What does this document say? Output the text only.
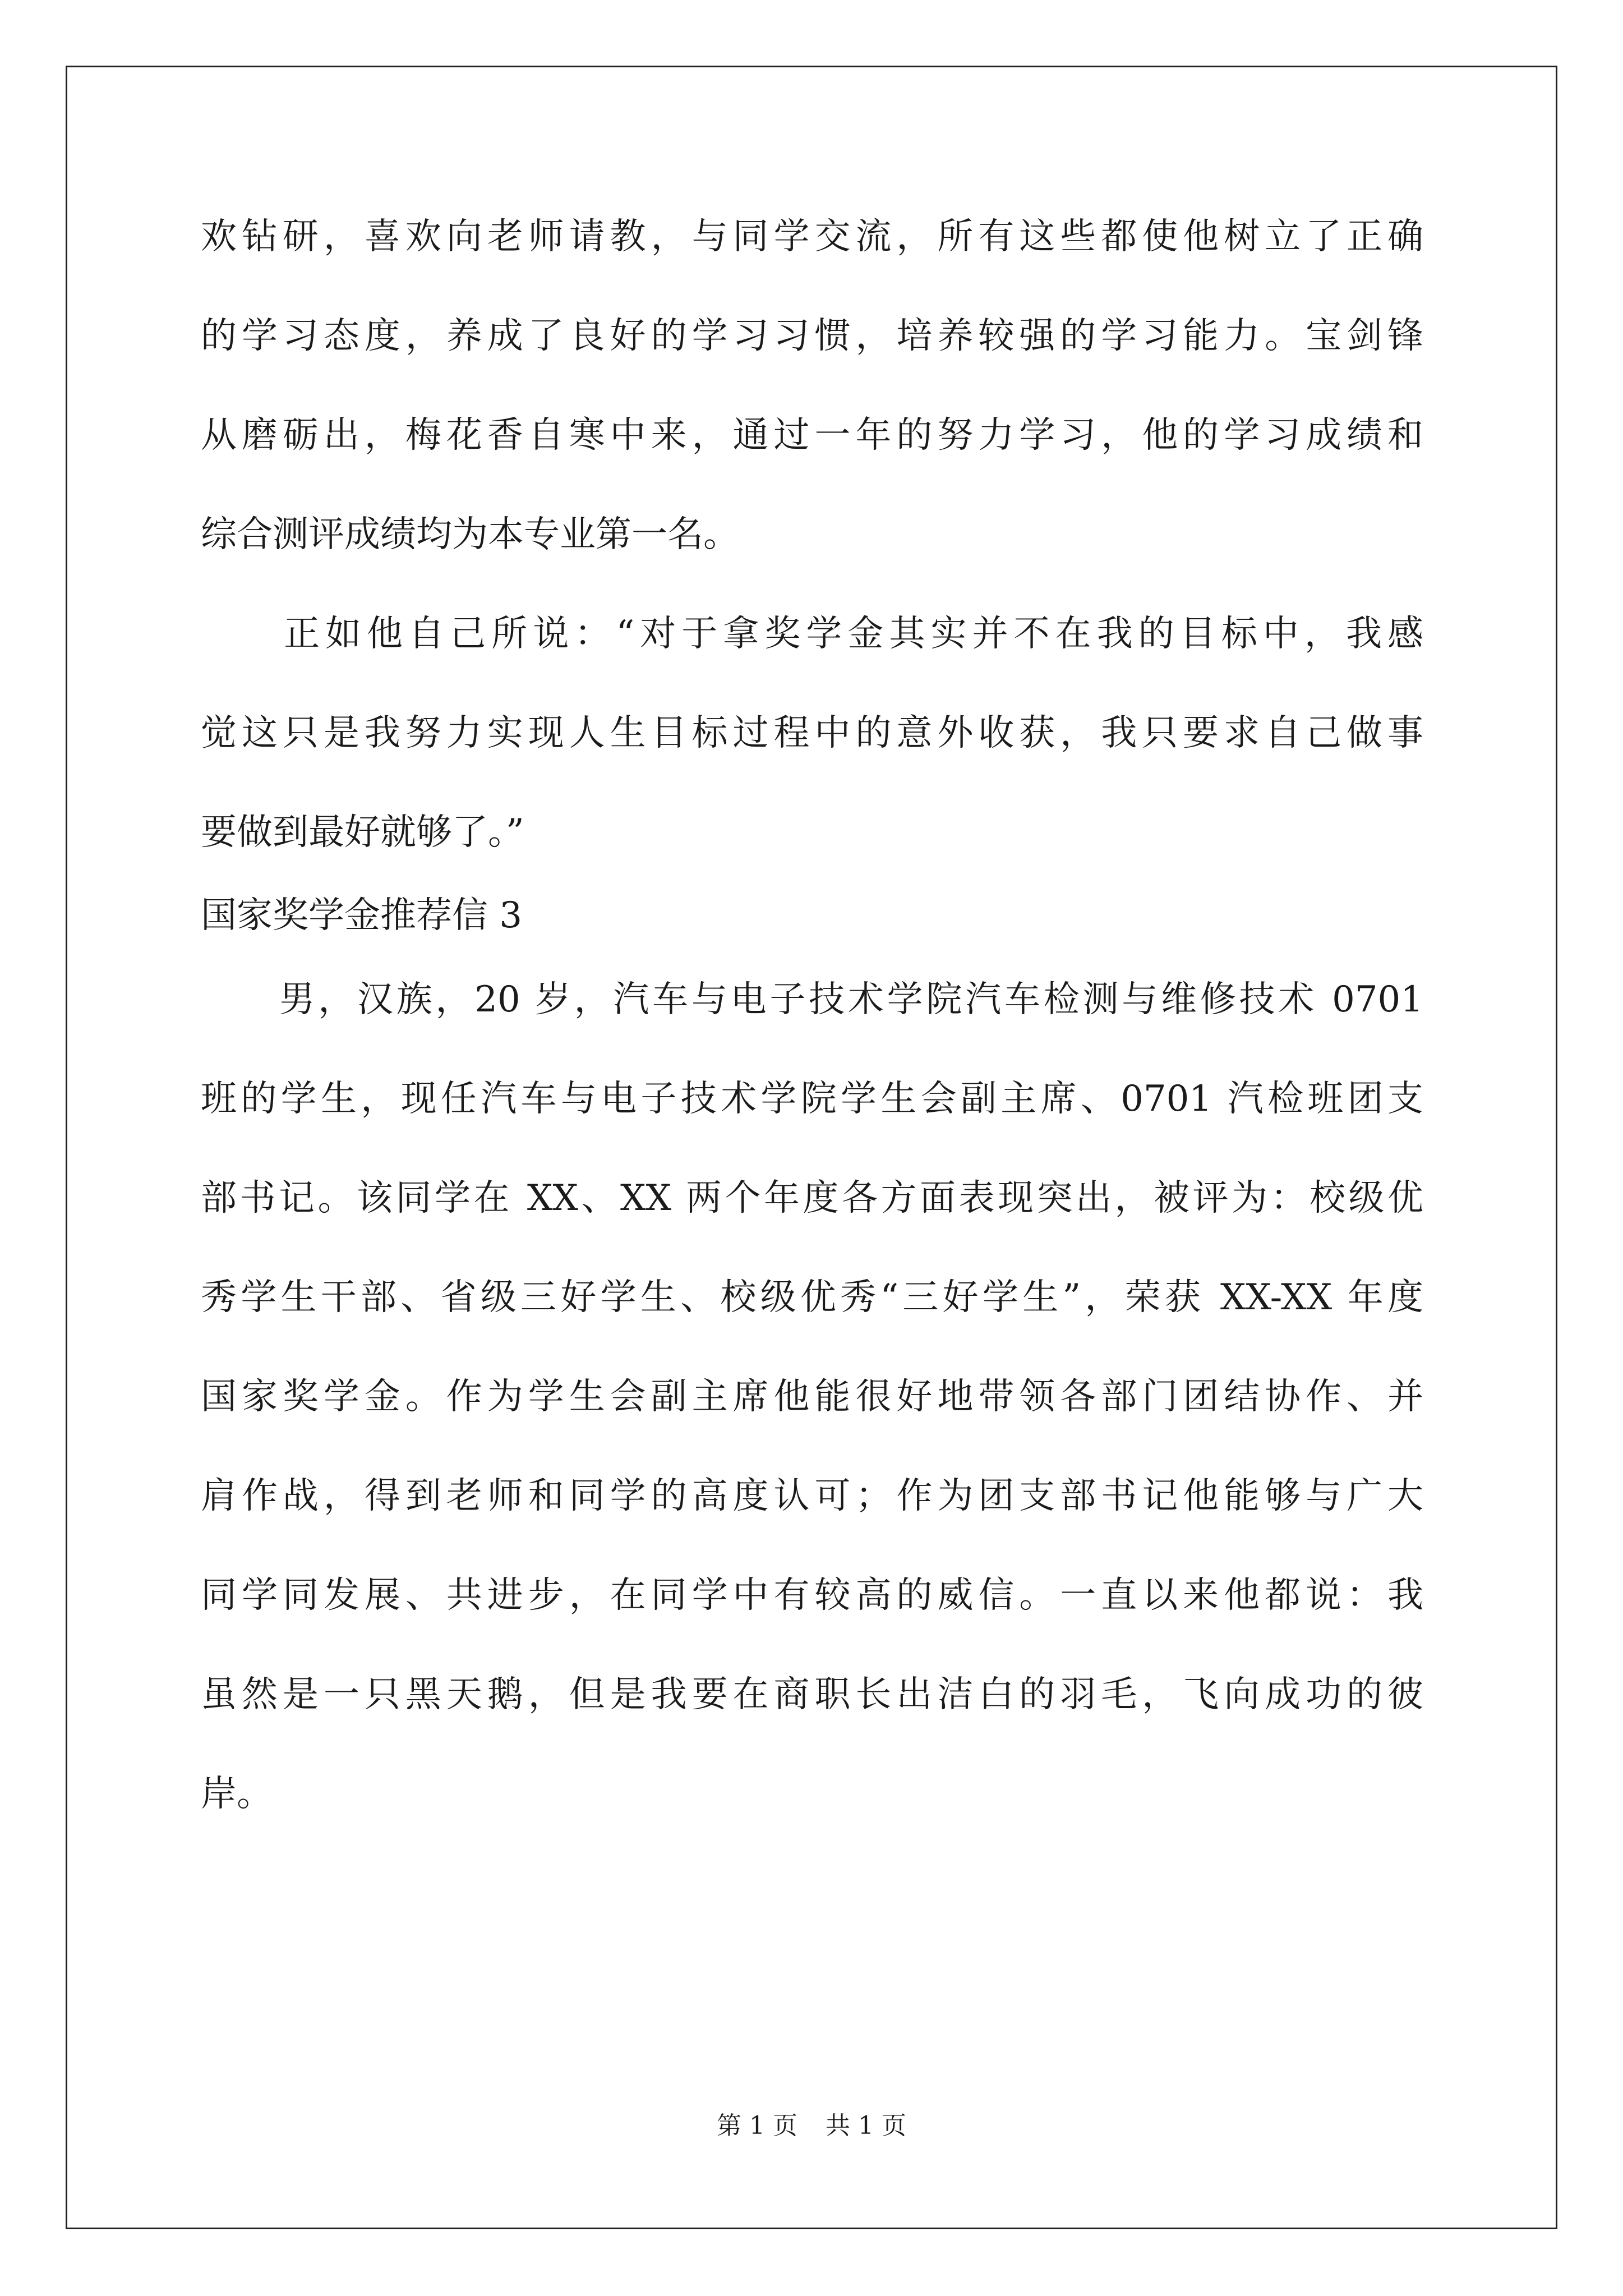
欢钻研，喜欢向老师请教，与同学交流，所有这些都使他树立了正确
的学习态度，养成了良好的学习习惯，培养较强的学习能力。宝剑锋
从磨砺出，梅花香自寒中来，通过一年的努力学习，他的学习成绩和
综合测评成绩均为本专业第一名。
　　正如他自己所说：“对于拿奖学金其实并不在我的目标中，我感
觉这只是我努力实现人生目标过程中的意外收获，我只要求自己做事
要做到最好就够了。”
国家奖学金推荐信 3
　　男，汉族，20 岁，汽车与电子技术学院汽车检测与维修技术 0701
班的学生，现任汽车与电子技术学院学生会副主席、0701 汽检班团支
部书记。该同学在 XX、XX 两个年度各方面表现突出，被评为：校级优
秀学生干部、省级三好学生、校级优秀“三好学生”，荣获 XX-XX 年度
国家奖学金。作为学生会副主席他能很好地带领各部门团结协作、并
肩作战，得到老师和同学的高度认可；作为团支部书记他能够与广大
同学同发展、共进步，在同学中有较高的威信。一直以来他都说：我
虽然是一只黑天鹅，但是我要在商职长出洁白的羽毛，飞向成功的彼
岸。
第 1 页 共 1 页
